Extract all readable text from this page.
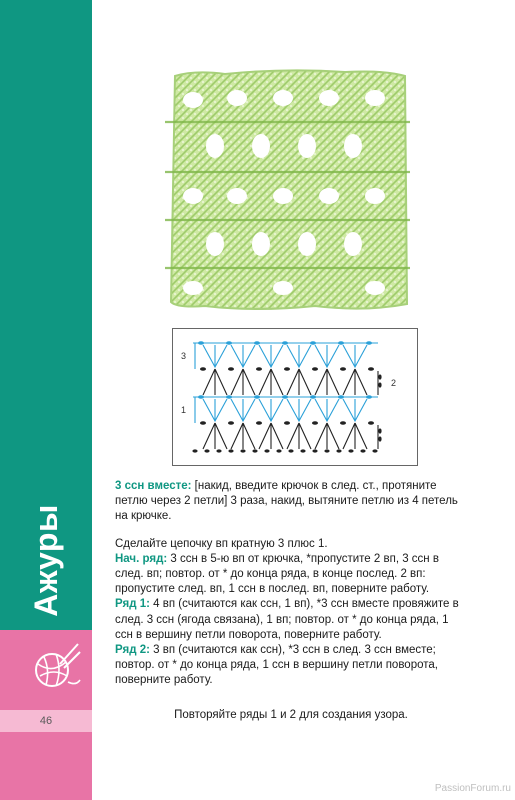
Ажуры
46
3
1
2

3 ссн вместе: [накид, введите крючок в след. ст., протяните петлю через 2 петли] 3 раза, накид, вытяните петлю из 4 петель на крючке.

Сделайте цепочку вп кратную 3 плюс 1.

Нач. ряд: 3 ссн в 5-ю вп от крючка, *пропустите 2 вп, 3 ссн в след. вп; повтор. от * до конца ряда, в конце послед. 2 вп: пропустите след. вп, 1 ссн в послед. вп, поверните работу.

Ряд 1: 4 вп (считаются как ссн, 1 вп), *3 ссн вместе провяжите в след. 3 ссн (ягода связана), 1 вп; повтор. от * до конца ряда, 1 ссн в вершину петли поворота, поверните работу.

Ряд 2: 3 вп (считаются как ссн), *3 ссн в след. 3 ссн вместе; повтор. от * до конца ряда, 1 ссн в вершину петли поворота, поверните работу.

Повторяйте ряды 1 и 2 для создания узора.
PassionForum.ru
